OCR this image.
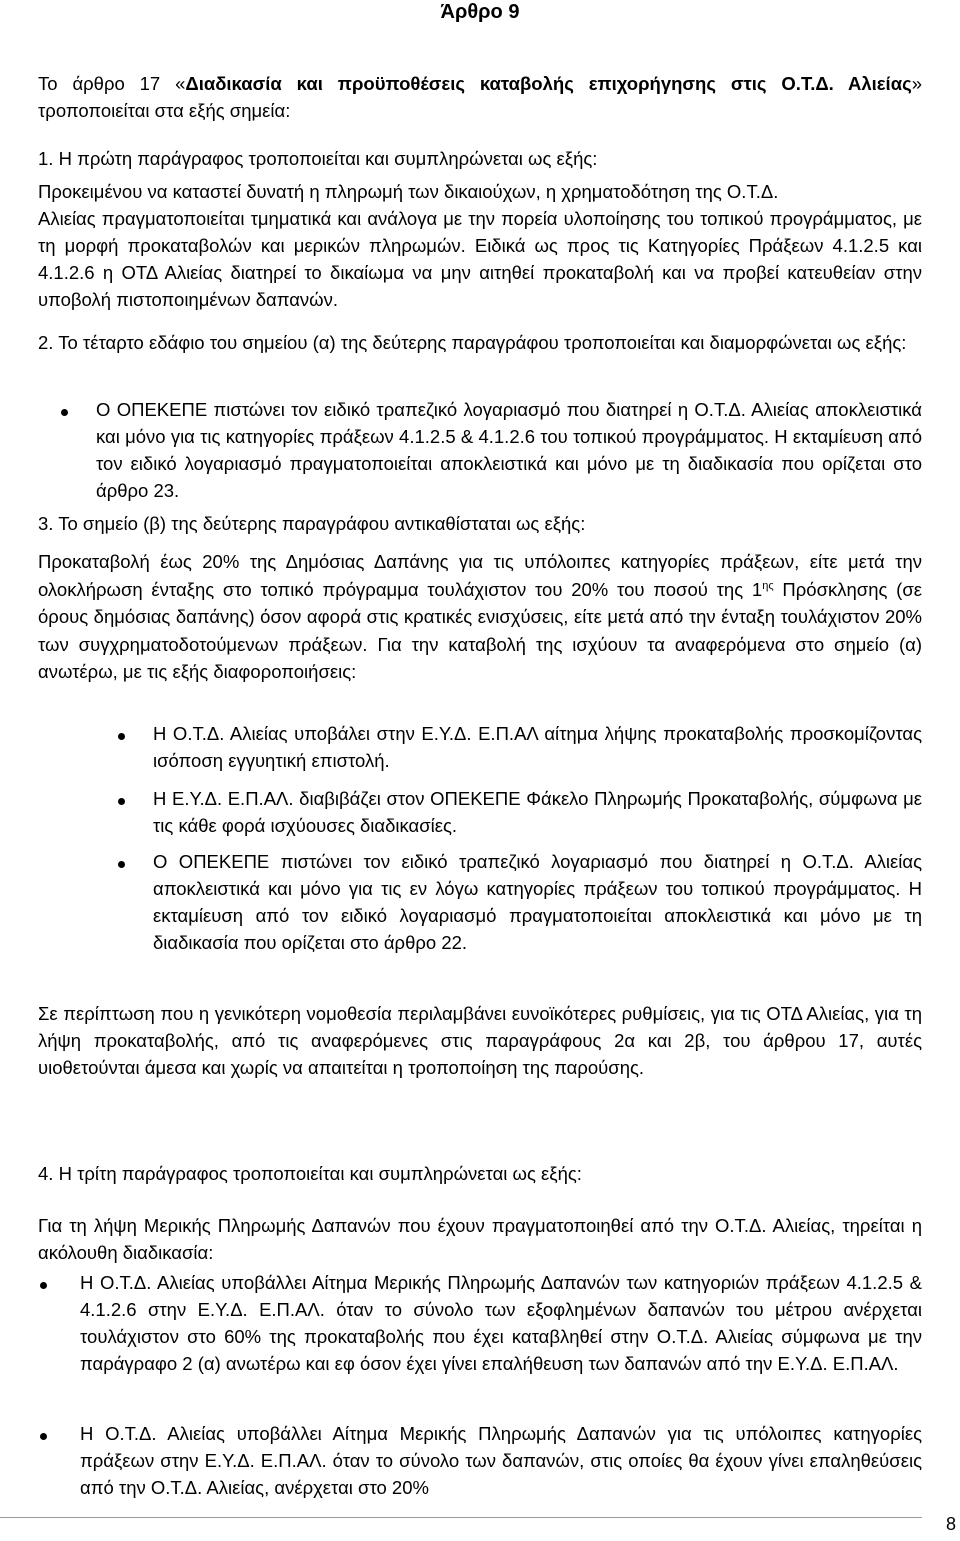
Άρθρο 9

Το άρθρο 17 «Διαδικασία και προϋποθέσεις καταβολής επιχορήγησης στις Ο.Τ.Δ. Αλιείας» τροποποιείται στα εξής σημεία:

1. Η πρώτη παράγραφος τροποποιείται και συμπληρώνεται ως εξής:

Προκειμένου να καταστεί δυνατή η πληρωμή των δικαιούχων, η χρηματοδότηση της Ο.Τ.Δ.

Αλιείας πραγματοποιείται τμηματικά και ανάλογα με την πορεία υλοποίησης του τοπικού προγράμματος, με τη μορφή προκαταβολών και μερικών πληρωμών. Ειδικά ως προς τις Κατηγορίες Πράξεων 4.1.2.5 και 4.1.2.6 η ΟΤΔ Αλιείας διατηρεί το δικαίωμα να μην αιτηθεί προκαταβολή και να προβεί κατευθείαν στην υποβολή πιστοποιημένων δαπανών.

2. Το τέταρτο εδάφιο του σημείου (α) της δεύτερης παραγράφου τροποποιείται και διαμορφώνεται ως εξής:

Ο ΟΠΕΚΕΠΕ πιστώνει τον ειδικό τραπεζικό λογαριασμό που διατηρεί η Ο.Τ.Δ. Αλιείας αποκλειστικά και μόνο για τις κατηγορίες πράξεων 4.1.2.5 & 4.1.2.6 του τοπικού προγράμματος. Η εκταμίευση από τον ειδικό λογαριασμό πραγματοποιείται αποκλειστικά και μόνο με τη διαδικασία που ορίζεται στο άρθρο 23.

3. Το σημείο (β) της δεύτερης παραγράφου αντικαθίσταται ως εξής:

Προκαταβολή έως 20% της Δημόσιας Δαπάνης για τις υπόλοιπες κατηγορίες πράξεων, είτε μετά την ολοκλήρωση ένταξης στο τοπικό πρόγραμμα τουλάχιστον του 20% του ποσού της $1^{\eta\varsigma}$ Πρόσκλησης (σε όρους δημόσιας δαπάνης) όσον αφορά στις κρατικές ενισχύσεις, είτε μετά από την ένταξη τουλάχιστον 20% των συγχρηματοδοτούμενων πράξεων. Για την καταβολή της ισχύουν τα αναφερόμενα στο σημείο (α) ανωτέρω, με τις εξής διαφοροποιήσεις:

Η Ο.Τ.Δ. Αλιείας υποβάλει στην Ε.Υ.Δ. Ε.Π.ΑΛ αίτημα λήψης προκαταβολής προσκομίζοντας ισόποση εγγυητική επιστολή.

Η Ε.Υ.Δ. Ε.Π.ΑΛ. διαβιβάζει στον ΟΠΕΚΕΠΕ Φάκελο Πληρωμής Προκαταβολής, σύμφωνα με τις κάθε φορά ισχύουσες διαδικασίες.

Ο ΟΠΕΚΕΠΕ πιστώνει τον ειδικό τραπεζικό λογαριασμό που διατηρεί η Ο.Τ.Δ. Αλιείας αποκλειστικά και μόνο για τις εν λόγω κατηγορίες πράξεων του τοπικού προγράμματος. Η εκταμίευση από τον ειδικό λογαριασμό πραγματοποιείται αποκλειστικά και μόνο με τη διαδικασία που ορίζεται στο άρθρο 22.

Σε περίπτωση που η γενικότερη νομοθεσία περιλαμβάνει ευνοϊκότερες ρυθμίσεις, για τις ΟΤΔ Αλιείας, για τη λήψη προκαταβολής, από τις αναφερόμενες στις παραγράφους 2α και 2β, του άρθρου 17, αυτές υιοθετούνται άμεσα και χωρίς να απαιτείται η τροποποίηση της παρούσης.

4. Η τρίτη παράγραφος τροποποιείται και συμπληρώνεται ως εξής:

Για τη λήψη Μερικής Πληρωμής Δαπανών που έχουν πραγματοποιηθεί από την Ο.Τ.Δ. Αλιείας, τηρείται η ακόλουθη διαδικασία:

Η Ο.Τ.Δ. Αλιείας υποβάλλει Αίτημα Μερικής Πληρωμής Δαπανών των κατηγοριών πράξεων 4.1.2.5 & 4.1.2.6 στην Ε.Υ.Δ. Ε.Π.ΑΛ. όταν το σύνολο των εξοφλημένων δαπανών του μέτρου ανέρχεται τουλάχιστον στο 60% της προκαταβολής που έχει καταβληθεί στην Ο.Τ.Δ. Αλιείας σύμφωνα με την παράγραφο 2 (α) ανωτέρω και εφ όσον έχει γίνει επαλήθευση των δαπανών από την Ε.Υ.Δ. Ε.Π.ΑΛ.

Η Ο.Τ.Δ. Αλιείας υποβάλλει Αίτημα Μερικής Πληρωμής Δαπανών για τις υπόλοιπες κατηγορίες πράξεων στην Ε.Υ.Δ. Ε.Π.ΑΛ. όταν το σύνολο των δαπανών, στις οποίες θα έχουν γίνει επαληθεύσεις από την Ο.Τ.Δ. Αλιείας, ανέρχεται στο 20%

8
